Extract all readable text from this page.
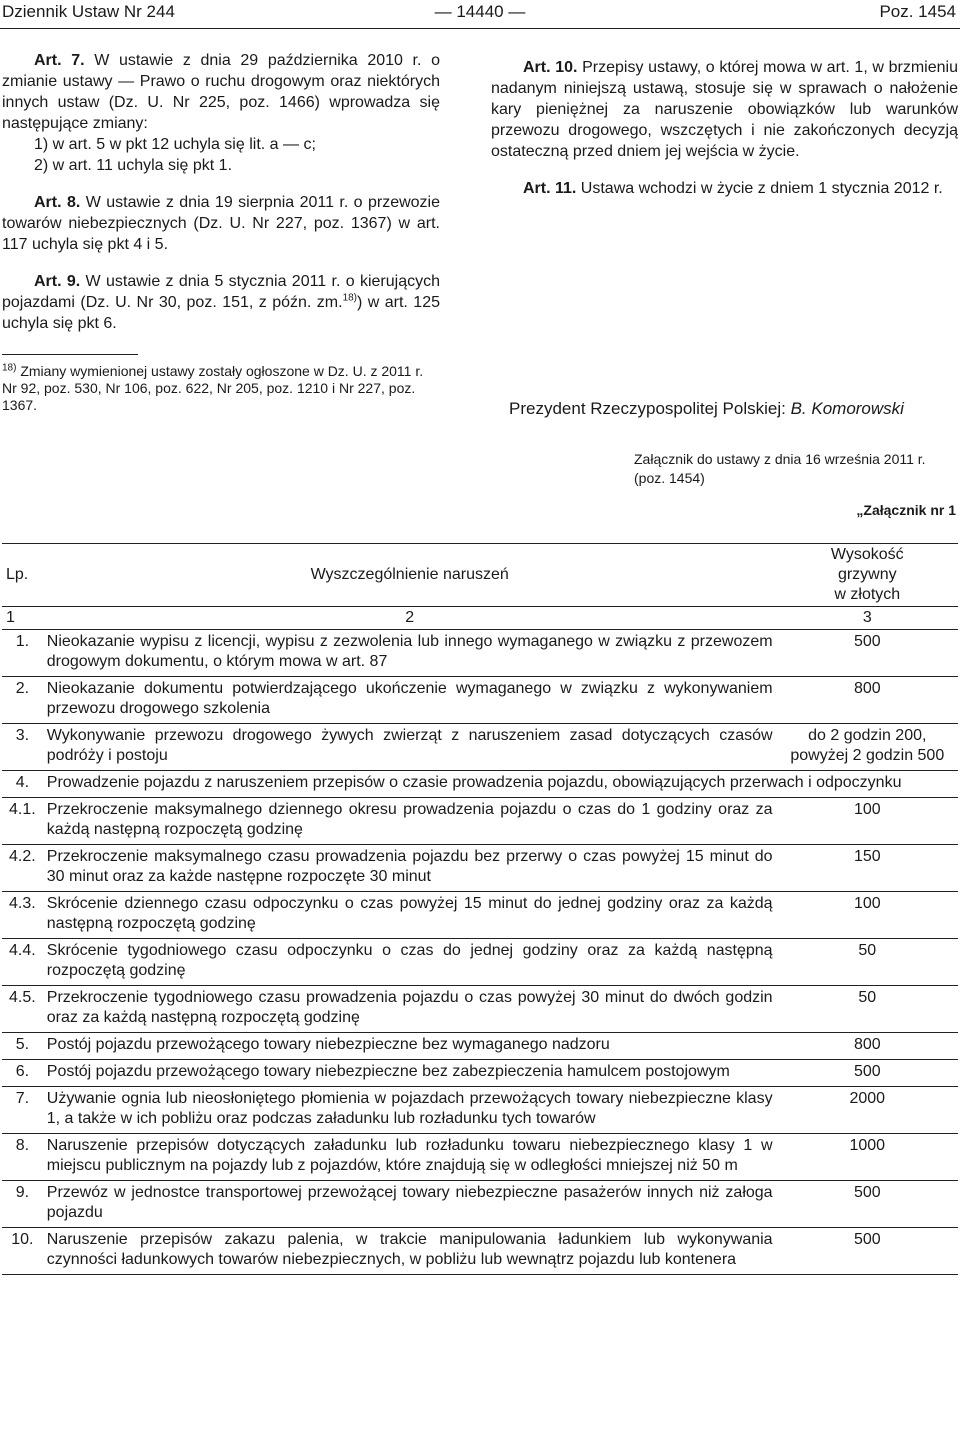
— 14440 —
Dziennik Ustaw Nr 244	Poz. 1454

Art. 7. W ustawie z dnia 29 października 2010 r. o zmianie ustawy — Prawo o ruchu drogowym oraz niektórych innych ustaw (Dz. U. Nr 225, poz. 1466) wprowadza się następujące zmiany:

1) w art. 5 w pkt 12 uchyla się lit. a — c;

2) w art. 11 uchyla się pkt 1.

Art. 8. W ustawie z dnia 19 sierpnia 2011 r. o przewozie towarów niebezpiecznych (Dz. U. Nr 227, poz. 1367) w art. 117 uchyla się pkt 4 i 5.

Art. 9. W ustawie z dnia 5 stycznia 2011 r. o kierujących pojazdami (Dz. U. Nr 30, poz. 151, z późn. zm.$^{18)}$) w art. 125 uchyla się pkt 6.

$^{18)}$ Zmiany wymienionej ustawy zostały ogłoszone w Dz. U. z 2011 r. Nr 92, poz. 530, Nr 106, poz. 622, Nr 205, poz. 1210 i Nr 227, poz. 1367.

Art. 10. Przepisy ustawy, o której mowa w art. 1, w brzmieniu nadanym niniejszą ustawą, stosuje się w sprawach o nałożenie kary pieniężnej za naruszenie obowiązków lub warunków przewozu drogowego, wszczętych i nie zakończonych decyzją ostateczną przed dniem jej wejścia w życie.

Art. 11. Ustawa wchodzi w życie z dniem 1 stycznia 2012 r.

Prezydent Rzeczypospolitej Polskiej: B. Komorowski
Załącznik do ustawy z dnia 16 września 2011 r. (poz. 1454)
„Załącznik nr 1
Lp.	Wyszczególnienie naruszeń	Wysokość
grzywny
w złotych

1	2	3
1.	Nieokazanie wypisu z licencji, wypisu z zezwolenia lub innego wymaganego w związku z przewozem drogowym dokumentu, o którym mowa w art. 87	500
2.	Nieokazanie dokumentu potwierdzającego ukończenie wymaganego w związku z wykonywaniem przewozu drogowego szkolenia	800
3.	Wykonywanie przewozu drogowego żywych zwierząt z naruszeniem zasad dotyczących czasów podróży i postoju	do 2 godzin 200, powyżej 2 godzin 500
4.	Prowadzenie pojazdu z naruszeniem przepisów o czasie prowadzenia pojazdu, obowiązujących przerwach i odpoczynku	
4.1.	Przekroczenie maksymalnego dziennego okresu prowadzenia pojazdu o czas do 1 godziny oraz za każdą następną rozpoczętą godzinę	100
4.2.	Przekroczenie maksymalnego czasu prowadzenia pojazdu bez przerwy o czas powyżej 15 minut do 30 minut oraz za każde następne rozpoczęte 30 minut	150
4.3.	Skrócenie dziennego czasu odpoczynku o czas powyżej 15 minut do jednej godziny oraz za każdą następną rozpoczętą godzinę	100
4.4.	Skrócenie tygodniowego czasu odpoczynku o czas do jednej godziny oraz za każdą następną rozpoczętą godzinę	50
4.5.	Przekroczenie tygodniowego czasu prowadzenia pojazdu o czas powyżej 30 minut do dwóch godzin oraz za każdą następną rozpoczętą godzinę	50
5.	Postój pojazdu przewożącego towary niebezpieczne bez wymaganego nadzoru	800
6.	Postój pojazdu przewożącego towary niebezpieczne bez zabezpieczenia hamulcem postojowym	500
7.	Używanie ognia lub nieosłoniętego płomienia w pojazdach przewożących towary niebezpieczne klasy 1, a także w ich pobliżu oraz podczas załadunku lub rozładunku tych towarów	2000
8.	Naruszenie przepisów dotyczących załadunku lub rozładunku towaru niebezpiecznego klasy 1 w miejscu publicznym na pojazdy lub z pojazdów, które znajdują się w odległości mniejszej niż 50 m	1000
9.	Przewóz w jednostce transportowej przewożącej towary niebezpieczne pasażerów innych niż załoga pojazdu	500
10.	Naruszenie przepisów zakazu palenia, w trakcie manipulowania ładunkiem lub wykonywania czynności ładunkowych towarów niebezpiecznych, w pobliżu lub wewnątrz pojazdu lub kontenera	500
